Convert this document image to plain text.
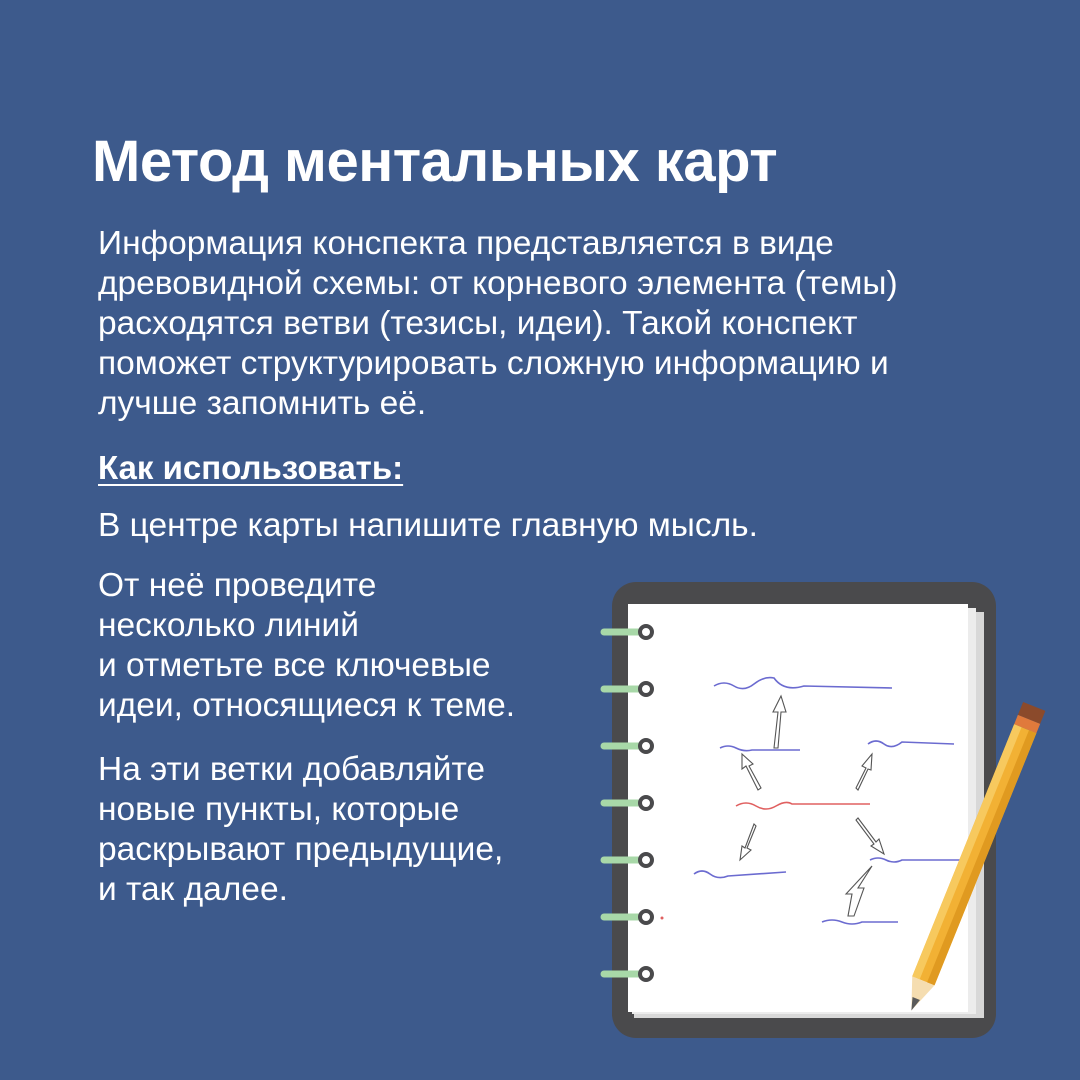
Метод ментальных карт

Информация конспекта представляется в виде древовидной схемы: от корневого элемента (темы) расходятся ветви (тезисы, идеи). Такой конспект поможет структурировать сложную информацию и лучше запомнить её.

Как использовать:

В центре карты напишите главную мысль.

От неё проведите
несколько линий
и отметьте все ключевые
идеи, относящиеся к теме.

На эти ветки добавляйте
новые пункты, которые
раскрывают предыдущие,
и так далее.
